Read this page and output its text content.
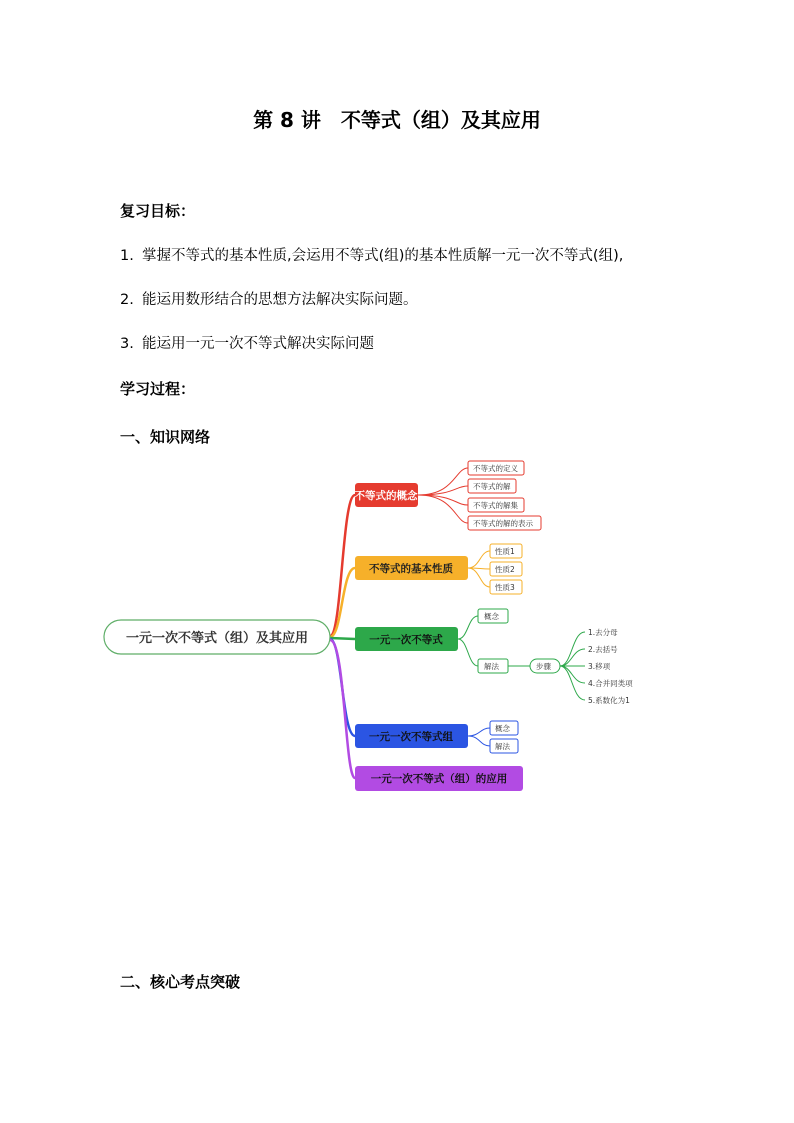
第 8 讲　不等式（组）及其应用
复习目标：
1. 掌握不等式的基本性质,会运用不等式(组)的基本性质解一元一次不等式(组),
2. 能运用数形结合的思想方法解决实际问题。
3. 能运用一元一次不等式解决实际问题
学习过程：
一、知识网络
一元一次不等式（组）及其应用
不等式的概念
不等式的定义
不等式的解
不等式的解集
不等式的解的表示
不等式的基本性质
性质1
性质2
性质3
一元一次不等式
概念
解法	步骤
1.去分母
2.去括号
3.移项
4.合并同类项
5.系数化为1
一元一次不等式组
概念
解法
一元一次不等式（组）的应用
二、核心考点突破
